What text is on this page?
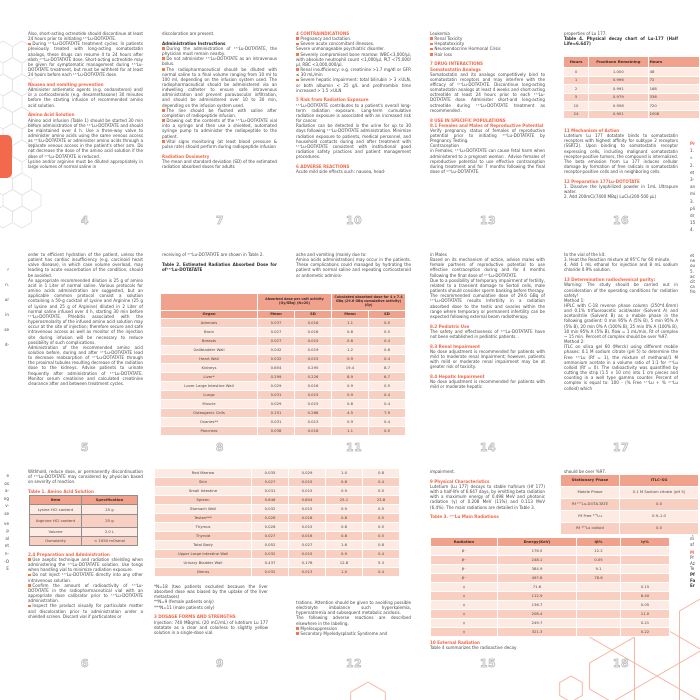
r
n.
ur
in
se
d-
e
os
a-
ng
v-
se
ve
p
al
nt
n-
-O
E
Also, short-acting octreotide should discontinue at least 24 hours prior to initiating ¹⁷⁷Lu-DOTATATE.
During ¹⁷⁷Lu-DOTATATE treatment cycles: In patients previously treated with long-acting somatostatin analogs, these drugs can resume 4 to 24 hours after each ¹⁷⁷Lu-DOTATATE dose. Short-acting octreotide may be given for symptomatic management during ¹⁷⁷Lu-DOTATATE treatment, but must be withheld for at least 24 hours before each ¹⁷⁷Lu-DOTATATE dose.
Nausea and vomiting prevention
Administer antiemetic agents (e.g. ondansteron) and/ or a corticosteroids (e.g. dexamethasone) 30 minutes before the starting infusion of recommended amino acid solution.
Amino Acid Solution
Amino acid infusion (Table 1) should be started 30 min before administration of the ¹⁷⁷Lu-DOTATATE and should be maintained over 4 h. Use a three-way valve to administer amino acids using the same venous access as ¹⁷⁷Lu-DOTATATE or administer amino acids through a separate venous access in the patient's other arm. Do not decrease the dose of the amino acid solution if the dose of ¹⁷⁷Lu-DOTATATE is reduced.
Lysine and/or arginine must be diluted appropriately in large volumes of normal saline in
discoloration are present.
Administration Instructions
During the administration of ¹⁷⁷Lu-DOTATATE, the physician must remain nearby.
Do not administer ¹⁷⁷Lu-DOTATATE as an intravenous bolus.
The radiopharmaceutical should be diluted with normal saline to a final volume ranging from 10 ml to 100 ml, depending on the infusion system used. The radiopharmaceutical should be administered via an indwelling catheter to ensure safe intravenous administration and prevent paravascular infiltration, and should be administered over 10 to 30 min, depending on the infusion system used.
The line should be flushed with saline after completion of radiopeptide infusion.
Drawing out the contents of the ¹⁷⁷Lu-DOTATATE vial into a syringe and then use a shielded, automated syringe pump to administer the radiopeptide to the patient.
Vital signs monitoring (at least blood pressure & pulse rate) should perform during radiopeptide infusion
Radiation Dosimetry
The mean and standard deviation (SD) of the estimated radiation absorbed doses for adults
4 CONTRAINDICATIONS
Pregnancy and lactation.
Severe acute concomitant illnesses.
Severe unmanageable psychiatric disorder.
Severely compromised bone marrow: WBC<3,000/µl, with absolute neutrophil count <1,000/µl, PLT <75,000/µl, RBC <3,000,000/µl.
Renal insufficiency: e.g. creatinine >1.7 mg/dl or GFR ≤ 30 mL/min
Severe hepatic impairment: total bilirubin > 3 ×ULN, or both albumin < 25 g/L and prothrombin time increased > 1.5 ×ULN
5 Risk from Radiation Exposure
¹⁷⁷Lu-DOTATATE contributes to a patient's overall long-term radiation exposure. Long-term cumulative radiation exposure is associated with an increased risk for cancer.
Radiation can be detected in the urine for up to 30 days following ¹⁷⁷Lu-DOTATATE administration. Minimize radiation exposure to patients, medical personnel, and household contacts during and after treatment with ¹⁷⁷Lu-DOTATATE consistent with institutional good radiation safety practices and patient management procedures.
6 ADVERSE REACTIONS
Acute mild side effects such: nausea, head-
Leukemia
Renal Toxicity
Hepatotoxicity
Neuroendocrine Hormonal Crisis
Hair loss
7 DRUG INTERACTIONS
Somatostatin Analogs
Somatostatin and its analogs competitively bind to somatostatin receptors and may interfere with the efficacy of ¹⁷⁷Lu-DOTATATE. Discontinue long-acting somatostatin analogs at least 4 weeks and short-acting octreotide at least 24 hours prior to each ¹⁷⁷Lu-DOTATATE dose. Administer short-and long-acting octreotide during ¹⁷⁷Lu-DOTATATE treatment as recommended .
8 USE IN SPECIFIC POPULATIONS
8.1 Females and Males of Reproductive Potential
Verify pregnancy status of females of reproductive potential prior to initiating ¹⁷⁷Lu-DOTATATE by Pregnancy Testing.
Contraception
in Females, ¹⁷⁷Lu-DOTATATE can cause fetal harm when administered to a pregnant woman . Advise females of reproductive potential to use effective contraception during treatment and for 7 months following the final dose of ¹⁷⁷Lu-DOTATATE.
properties of Lu 177.
Table 4. Physical decay chart of Lu-177 (Half Life=6.647)
11 Mechanism of Action
Lutetium Lu 177 dotatate binds to somatostatin receptors with highest affinity for subtype 2 receptors (SSRT2). Upon binding to somatostatin receptor expressing cells, including malignant somatostatin receptor-positive tumors, the compound is internalized. The beta emission from Lu 177 induces cellular damage by formation of free radicals in somatostatin receptor-positive cells and in neighboring cells.
12 Preparation 177Lu-DOTOTATE
1. Dissolve the lyophilized powder in 1mL Ultrapure water.
2. Add 200mCi(7400 MBq) LuCl₃(200-500 µL)
Pr
1.
«
2.
et
3-
an
mi
3.
pli
dr
15
4.
order to efficient hydration of the patient, unless the patient has cardiac insufficiency (e.g. carcinoid heart valve disease), in which case volume overload, may leading to acute exacerbation of the condition, should be avoided.
An appropriate recommended dilution is 25 g of amino acid in 1 Liter of normal saline. Various protocols for amino acids administration are suggested, but an applicable common protocol consist a solution containing a 50-g cocktail of Lysine and Arginine (25 g of Lysine and 25 g of Arginine) diluted in 2 Liter of normal saline infused over 4 h, starting 30 min before ¹⁷⁷Lu-DOTATATE. Phlebitis associated with the hyperosmolarity of the infused amino acid solution may occur at the site of injection; therefore secure and safe intravenous access as well as monitor of the injection site during infusion will be necessary to reduce possibility of such complications.
Administration of the recommended amino acid solution before, during and after ¹⁷⁷Lu-DOTATATE lead to decrease reabsorption of ¹⁷⁷Lu-DOTATATE through the proximal tubules resulting decrease of the radiation dose to the kidneys. Advise patients to urinate frequently after administration of ¹⁷⁷Lu-DOTATATE. Monitor serum creatinine and calculated creatinine clearance after and between treatment cycles.
receiving of ¹⁷⁷Lu-DOTATATE are shown in Table 2.
Table 2. Estimated Radiation Absorbed Dose for of¹⁷⁷Lu-DOTATATE
ache and vomiting (mainly due to:
Amino acids administration) may occur in the patients. These complications could managed by hydrating the patient with normal saline and repeating corticosteroid or antiemetic adminis-
in Males
Based on its mechanism of action, advise males with female partners of reproductive potential to use effective contraception during and for 4 months following the final dose of ¹⁷⁷Lu-DOTATATE.
Due to a possibility of temporary impairment of fertility, related to a transient damage to Sertoli cells, male patients should consider sperm banking before therapy.
The recommended cumulative dose of 29.6 GBq of ¹⁷⁷Lu-DOTATATE results Infertility in a radiation absorbed dose to the testis and ovaries within the range where temporary or permanent infertility can be expected following external beam radiotherapy.
8.2 Pediatric Use
The safety and effectiveness of ¹⁷⁷Lu-DOTATATE have not been established in pediatric patients. .
8.3 Renal Impairment
No dose adjustment is recommended for patients with mild to moderate renal impairment; however, patients with mild or moderate renal impairment may be at greater risk of toxicity.
8.4 Hepatic Impairment
No dose adjustment is recommended for patients with mild or moderate hepatic
to the vial of the kit.
3. Heat the Reaction mixture at 95°C for 60 minute.
4. Add 1 mL ethanol for injection and 8 mL sodium chloride 0.9% solution.
13 Determination radiochemical purity:
Warning: The study should be carried out in consideration of the operating conditions for radiation safety!
Method 1:
HPLC with C-18 reverse phase column (250*4.6mm) and 0.1% trifluoroacetic acid/water (Solvent A) and acetonitrile (Solvent B) as a mobile phase in the following gradient: 0 min 95% A (5% B), 5 min 95% A (5% B), 20 min 0% A (100% B), 25 min 0% A (100% B), 30 min 95% A (5% B), flow = 1 mL/min, Rt of complex ~ 15 min. Percent of complex should be over %97.
Method 2:
ITLC on silica gel 60 (Merck) using different mobile phases: 0.1 M sodium citrate (pH 5) to determine the Free ¹⁷⁷Lu (Rf = 1), the mixture of methanol/1 M ammonium acetate in a volume ratio of 1:1 for ¹⁷⁷Lu colloid (Rf = 0). The radioactivity was quantified by cutting the strip (1.5 × 10 cm) into 1 cm pieces and counting in a well type gamma counter. Percent of complex is equal to: 100 - (% Free ¹⁷⁷Lu + % ¹⁷⁷Lu colloid) which
et
ne
ou
5.
ac
cit
ca
fro
Withhold, reduce dose, or permanently discontinuation of ¹⁷⁷Lu-DOTATATE may considered by physician based on severity of reaction.
Table 1. Amino Acid Solution
Item	Specification
Lysine HCl content	25 g
Arginine HCl content	25 g
Volume	2.0 L
Osmolarity	< 1050 mOsmol
2.4 Preparation and Administration
Use aseptic technique and radiation shielding when administering the ¹⁷⁷Lu-DOTATATE solution. Use tongs when handling vial to minimize radiation exposure.
Do not inject ¹⁷⁷Lu-DOTATATE directly into any other intravenous solution.
Confirm the amount of radioactivity of ¹⁷⁷Lu-DOTATATE in the radiopharmaceutical vial with an appropriate dose calibrator prior to ¹⁷⁷Lu-DOTATATE administration.
Inspect the product visually for particulate matter and discoloration prior to administration under a shielded screen. Discard vial if particulates or
*N=18 (two patients excluded because the liver absorbed dose was biased by the uptake of the liver metastases)
**N=9 (female patients only)
***N=11 (male patients only)
3 DOSAGE FORMS AND STRENGTHS
Injection: 740 MBq/mL (20 mCi/mL) of lutetium Lu 177 dotatate as a clear and colorless to slightly yellow solution in a single-dose vial.
trations. Attention should be given to avoiding possible electrolyte imbalance such hyperkalemia, hypernatremia and subsequent metabolic acidosis.
The following adverse reactions are described elsewhere in the labeling.
Myelosuppression
Secondary Myelodysplastic Syndrome and
impairment.
9 Physical Characteristics
Lutetium (Lu 177) decays to stable hafnium (Hf 177) with a half-life of 6.647 days, by emitting beta radiation with a maximum energy of 0.498 MeV and photonic radiation (γ) of 0.208 MeV (11%) and 0.113 MeV (6.4%). The main radiations are detailed in Table 3.
Table 3. ¹⁷⁷Lu Main Radiations
10 External Radiation
Table 4 summarizes the radioactive decay
should be over %97.
di
af
M
Pr
Az
Te
Pf
Fa
Er
	Absorbed dose per unit activity (Gy/GBq) (N=20)		Calculated absorbed dose for 4 x 7.4 GBq (29.6 GBq cumulative activity) (Gy)	
Organ	Mean	SD	Mean	SD
Adrenals	0.037	0.016	1.1	0.5
Brain	0.027	0.016	0.8	0.5
Breasts	0.027	0.015	0.8	0.4
Gallbladder Wall	0.042	0.019	1.2	0.6
Heart Wall	0.032	0.015	0.9	0.4
Kidneys	0.654	0.295	19.4	8.7
Liver*	0.299	0.226	8.9	6.7
Lover Large Intestine Wall	0.029	0.016	0.9	0.5
Lungs	0.031	0.015	0.9	0.4
Muscle	0.029	0.015	0.8	0.4
Osteogenic Cells	0.151	0.268	4.5	7.9
Ovaries**	0.031	0.013	0.9	0.4
Pancreas	0.038	0.016	1.1	0.5
Red Marrow	0.035	0.029	1.0	0.8
Skin	0.027	0.015	0.8	0.4
Small Intestine	0.031	0.015	0.9	0.5
Spleen	0.846	0.804	25.1	23.8
Stomach Wall	0.032	0.015	0.9	0.5
Testes***	0.026	0.018	0.8	0.5
Thymus	0.026	0.015	0.8	0.5
Thyroid	0.027	0.016	0.8	0.5
Total Body	0.052	0.027	1.6	0.8
Upper Large Intestine Wall	0.032	0.015	0.9	0.4
Urinary Bladder Wall	0.437	0.176	12.8	5.3
Uterus	0.032	0.013	1.0	0.4
Radiation	Energy(KeV)	Iβ%	Iγ%
β⁻	176.5	12.2	
β⁻	248.1	0.05	
β⁻	384.9	9.1	
β⁻	497.8	78.6	
γ	71.6		0.15
γ	112.9		6.40
γ	136.7		0.05
γ	208.4		11.0
γ	249.7		0.21
γ	321.3		0.22
Hours	Fractionn Remaining	Hours
0	1.000	48
1	0.996	72
2	0.991	168
5	0.979	336
10	0.958	720
24	0.901	1008
Stationary Phase	ITLC-SG
Mobile Phase	0.1 M Sodium citrate (pH 5)
Rf ¹⁷⁷Lu-DOTA-TATE	0.0
Rf Free ¹⁷⁷Lu	0.9–1.0
Rf ¹⁷⁷Lu colloid	0.0
4	7	10	13	16
5	8	11	14	17
6	9	12	15	18
